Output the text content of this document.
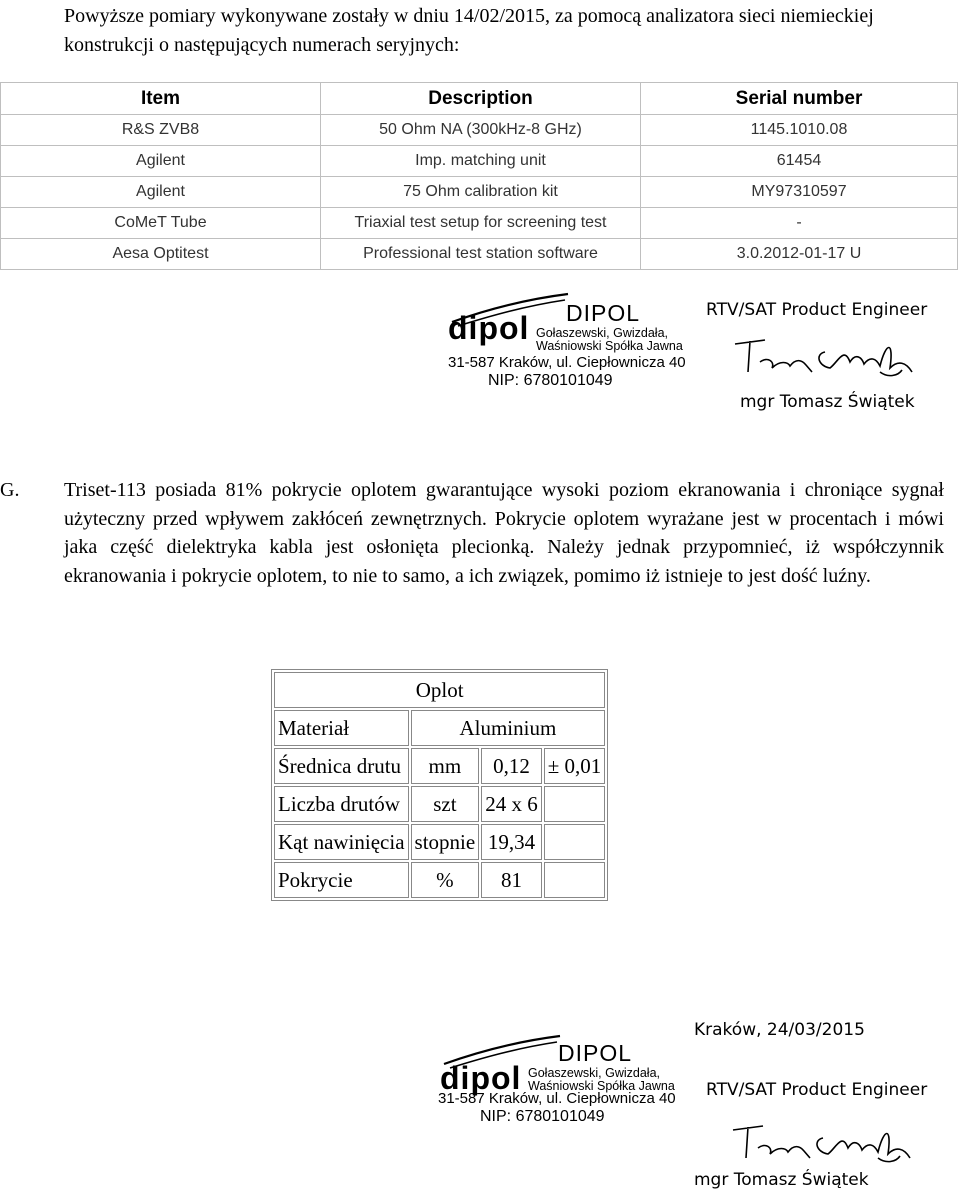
Powyższe pomiary wykonywane zostały w dniu 14/02/2015, za pomocą analizatora sieci niemieckiej konstrukcji o następujących numerach seryjnych:
Item	Description	Serial number
R&S ZVB8	50 Ohm NA (300kHz-8 GHz)	1145.1010.08
Agilent	Imp. matching unit	61454
Agilent	75 Ohm calibration kit	MY97310597
CoMeT Tube	Triaxial test setup for screening test	-
Aesa Optitest	Professional test station software	3.0.2012-01-17 U
dipol DIPOL
Gołaszewski, Gwizdała,
Waśniowski Spółka Jawna
31-587 Kraków, ul. Ciepłownicza 40
NIP: 6780101049
RTV/SAT Product Engineer
mgr Tomasz Świątek
G. Triset-113 posiada 81% pokrycie oplotem gwarantujące wysoki poziom ekranowania i chroniące sygnał użyteczny przed wpływem zakłóceń zewnętrznych. Pokrycie oplotem wyrażane jest w procentach i mówi jaka część dielektryka kabla jest osłonięta plecionką. Należy jednak przypomnieć, iż współczynnik ekranowania i pokrycie oplotem, to nie to samo, a ich związek, pomimo iż istnieje to jest dość luźny.
Oplot			
Materiał	Aluminium		
Średnica drutu	mm	0,12	± 0,01
Liczba drutów	szt	24 x 6	
Kąt nawinięcia	stopnie	19,34	
Pokrycie	%	81	
Kraków, 24/03/2015
dipol
DIPOL
Gołaszewski, Gwizdała,
Waśniowski Spółka Jawna
31-587 Kraków, ul. Ciepłownicza 40
NIP: 6780101049
RTV/SAT Product Engineer
mgr Tomasz Świątek
